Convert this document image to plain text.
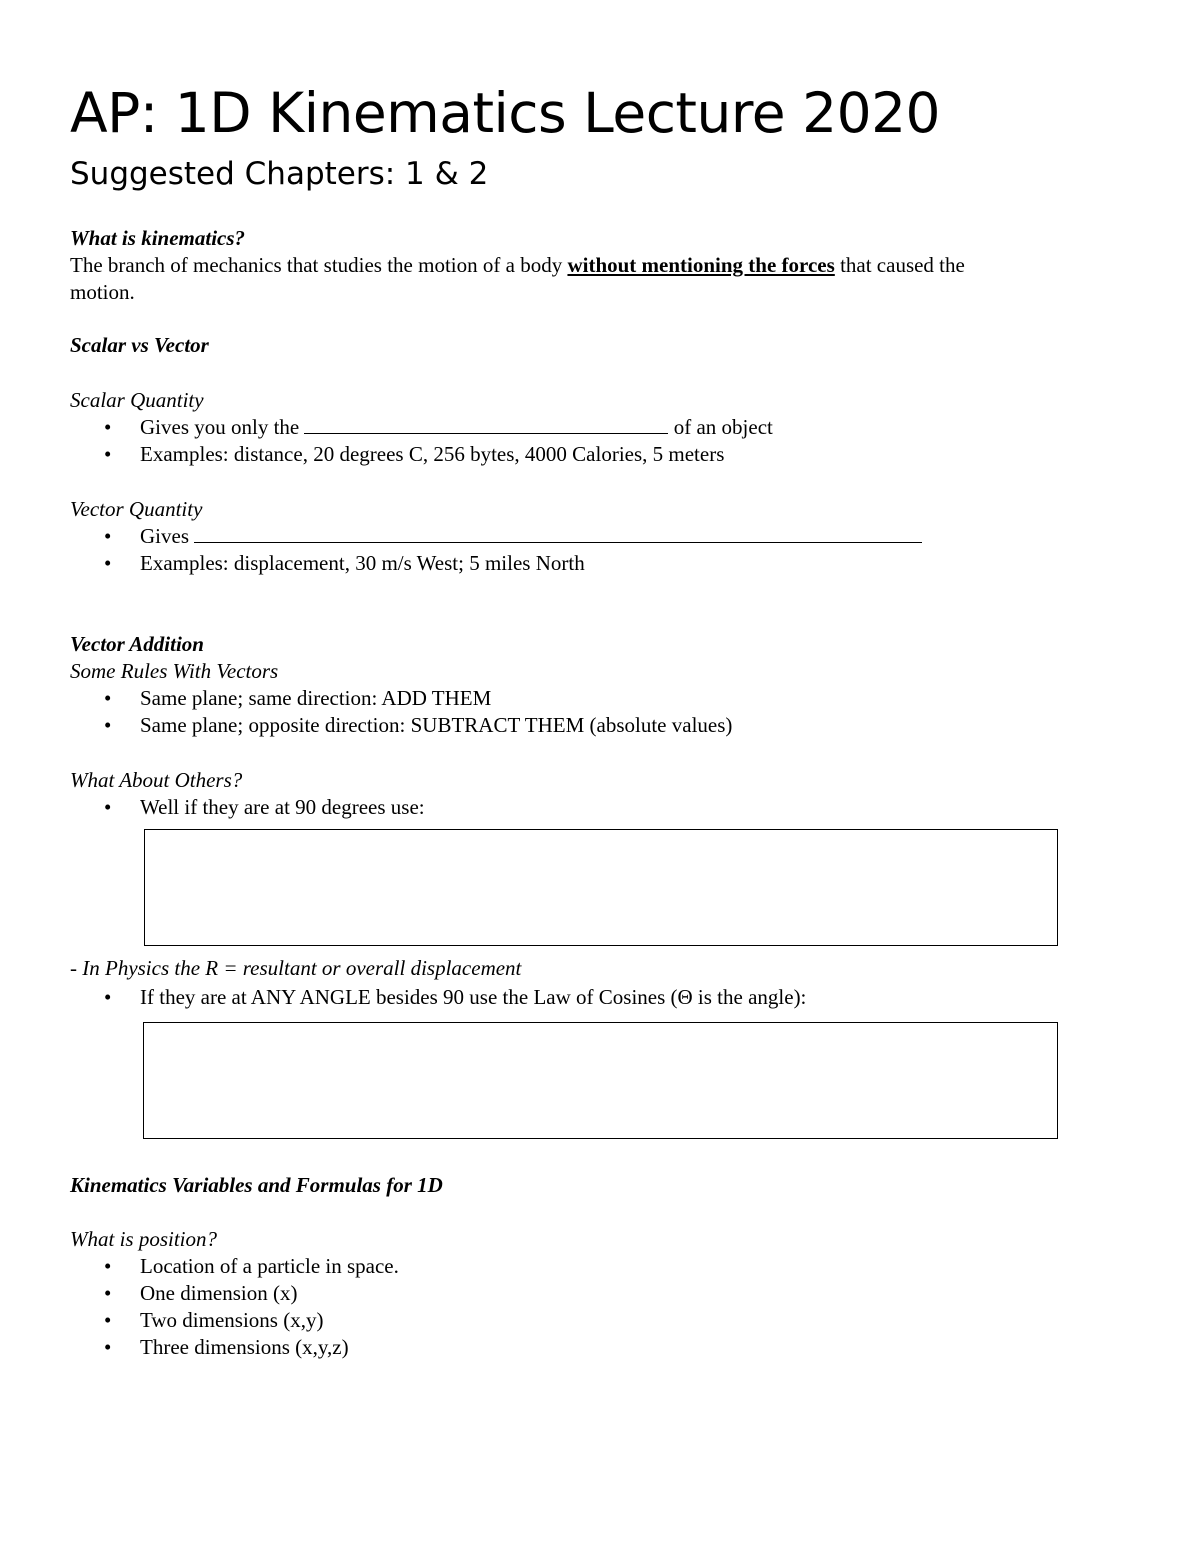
AP: 1D Kinematics Lecture 2020
Suggested Chapters: 1 & 2
What is kinematics?
The branch of mechanics that studies the motion of a body without mentioning the forces that caused the
motion.
Scalar vs Vector
Scalar Quantity
• Gives you only the	of an object
• Examples: distance, 20 degrees C, 256 bytes, 4000 Calories, 5 meters
Vector Quantity
• Gives
• Examples: displacement, 30 m/s West; 5 miles North
Vector Addition
Some Rules With Vectors
• Same plane; same direction: ADD THEM
• Same plane; opposite direction: SUBTRACT THEM (absolute values)
What About Others?
• Well if they are at 90 degrees use:
- In Physics the R = resultant or overall displacement
• If they are at ANY ANGLE besides 90 use the Law of Cosines (Θ is the angle):
Kinematics Variables and Formulas for 1D
What is position?
• Location of a particle in space.
• One dimension (x)
• Two dimensions (x,y)
• Three dimensions (x,y,z)
